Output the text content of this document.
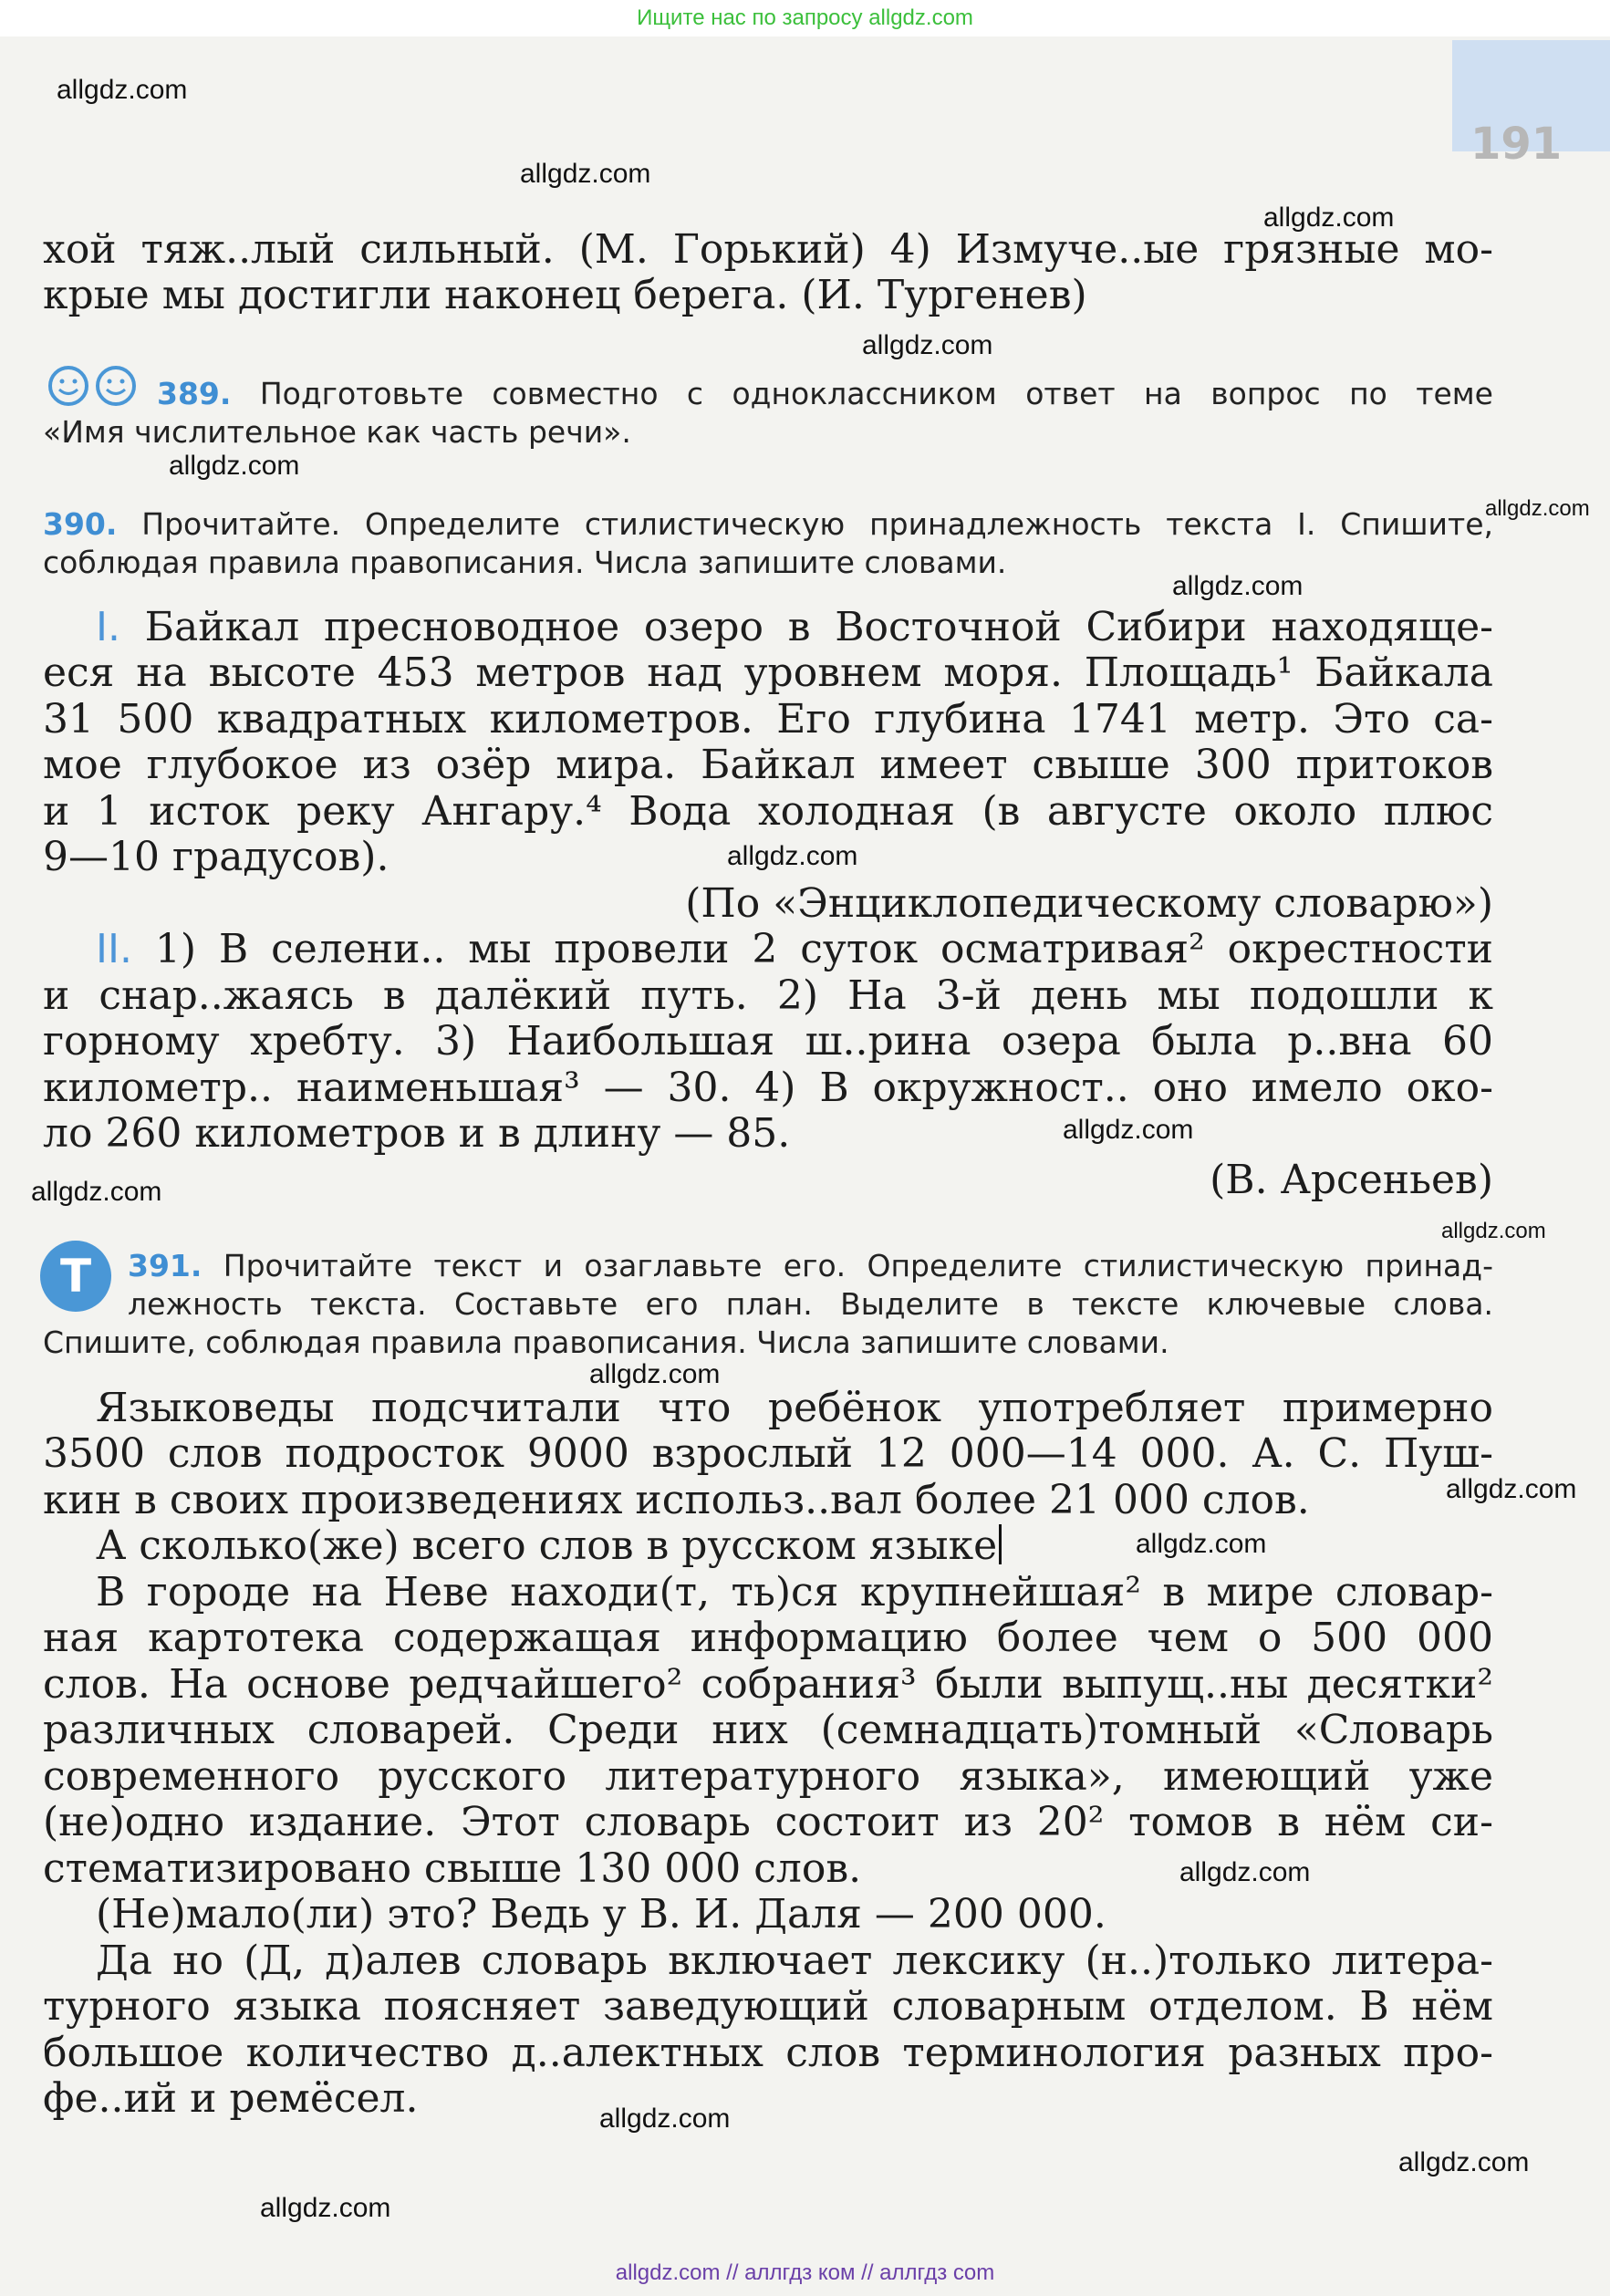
Ищите нас по запросу allgdz.com
191
хой тяж..лый сильный. (М. Горький) 4) Измуче..ые грязные мо-
крые мы достигли наконец берега. (И. Тургенев)
389. Подготовьте совместно с одноклассником ответ на вопрос по теме
«Имя числительное как часть речи».
390. Прочитайте. Определите стилистическую принадлежность текста I. Спишите,
соблюдая правила правописания. Числа запишите словами.
I. Байкал пресноводное озеро в Восточной Сибири находяще-
еся на высоте 453 метров над уровнем моря. Площадь¹ Байкала
31 500 квадратных километров. Его глубина 1741 метр. Это са-
мое глубокое из озёр мира. Байкал имеет свыше 300 притоков
и 1 исток реку Ангару.⁴ Вода холодная (в августе около плюс
9—10 градусов).
(По «Энциклопедическому словарю»)
II. 1) В селени.. мы провели 2 суток осматривая² окрестности
и снар..жаясь в далёкий путь. 2) На 3-й день мы подошли к
горному хребту. 3) Наибольшая ш..рина озера была р..вна 60
километр.. наименьшая³ — 30. 4) В окружност.. оно имело око-
ло 260 километров и в длину — 85.
(В. Арсеньев)
Т	391. Прочитайте текст и озаглавьте его. Определите стилистическую принад-
лежность текста. Составьте его план. Выделите в тексте ключевые слова.
Спишите, соблюдая правила правописания. Числа запишите словами.
Языковеды подсчитали что ребёнок употребляет примерно
3500 слов подросток 9000 взрослый 12 000—14 000. А. С. Пуш-
кин в своих произведениях использ..вал более 21 000 слов.
А сколько(же) всего слов в русском языке
В городе на Неве находи(т, ть)ся крупнейшая² в мире словар-
ная картотека содержащая информацию более чем о 500 000
слов. На основе редчайшего² собрания³ были выпущ..ны десятки²
различных словарей. Среди них (семнадцать)томный «Словарь
современного русского литературного языка», имеющий уже
(не)одно издание. Этот словарь состоит из 20² томов в нём си-
стематизировано свыше 130 000 слов.
(Не)мало(ли) это? Ведь у В. И. Даля — 200 000.
Да но (Д, д)алев словарь включает лексику (н..)только литера-
турного языка поясняет заведующий словарным отделом. В нём
большое количество д..алектных слов терминология разных про-
фе..ий и ремёсел.
allgdz.com
allgdz.com
allgdz.com
allgdz.com
allgdz.com
allgdz.com
allgdz.com
allgdz.com
allgdz.com
allgdz.com
allgdz.com
allgdz.com
allgdz.com
allgdz.com
allgdz.com
allgdz.com
allgdz.com
allgdz.com
allgdz.com // аллгдз ком // аллгдз com
